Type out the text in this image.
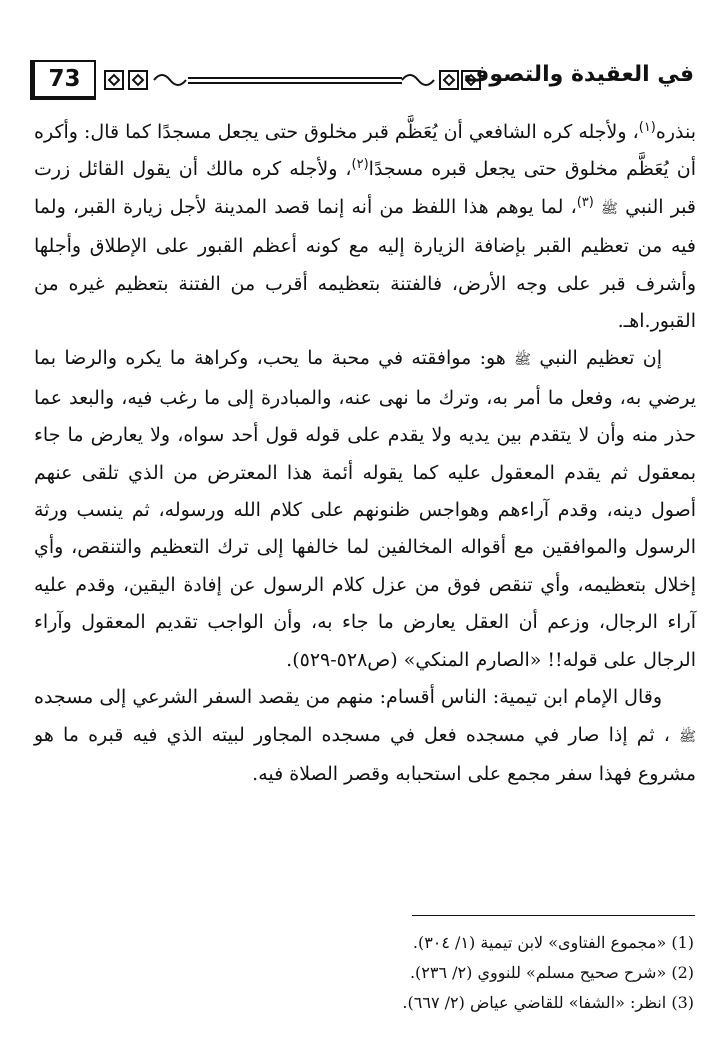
73	في العقيدة والتصوف

بنذره$^{(١)}$، ولأجله كره الشافعي أن يُعَظَّم قبر مخلوق حتى يجعل مسجدًا كما قال: وأكره أن يُعَظَّم مخلوق حتى يجعل قبره مسجدًا$^{(٢)}$، ولأجله كره مالك أن يقول القائل زرت قبر النبي ﷺ $^{(٣)}$، لما يوهم هذا اللفظ من أنه إنما قصد المدينة لأجل زيارة القبر، ولما فيه من تعظيم القبر بإضافة الزيارة إليه مع كونه أعظم القبور على الإطلاق وأجلها وأشرف قبر على وجه الأرض، فالفتنة بتعظيمه أقرب من الفتنة بتعظيم غيره من القبور.اهـ.

إن تعظيم النبي ﷺ هو: موافقته في محبة ما يحب، وكراهة ما يكره والرضا بما يرضي به، وفعل ما أمر به، وترك ما نهى عنه، والمبادرة إلى ما رغب فيه، والبعد عما حذر منه وأن لا يتقدم بين يديه ولا يقدم على قوله قول أحد سواه، ولا يعارض ما جاء بمعقول ثم يقدم المعقول عليه كما يقوله أئمة هذا المعترض من الذي تلقى عنهم أصول دينه، وقدم آراءهم وهواجس ظنونهم على كلام الله ورسوله، ثم ينسب ورثة الرسول والموافقين مع أقواله المخالفين لما خالفها إلى ترك التعظيم والتنقص، وأي إخلال بتعظيمه، وأي تنقص فوق من عزل كلام الرسول عن إفادة اليقين، وقدم عليه آراء الرجال، وزعم أن العقل يعارض ما جاء به، وأن الواجب تقديم المعقول وآراء الرجال على قوله!! «الصارم المنكي» (ص٥٢٨-٥٢٩).

وقال الإمام ابن تيمية: الناس أقسام: منهم من يقصد السفر الشرعي إلى مسجده ﷺ ، ثم إذا صار في مسجده فعل في مسجده المجاور لبيته الذي فيه قبره ما هو مشروع فهذا سفر مجمع على استحبابه وقصر الصلاة فيه.

(1) «مجموع الفتاوى» لابن تيمية (١/ ٣٠٤).
(2) «شرح صحيح مسلم» للنووي (٢/ ٢٣٦).
(3) انظر: «الشفا» للقاضي عياض (٢/ ٦٦٧).
